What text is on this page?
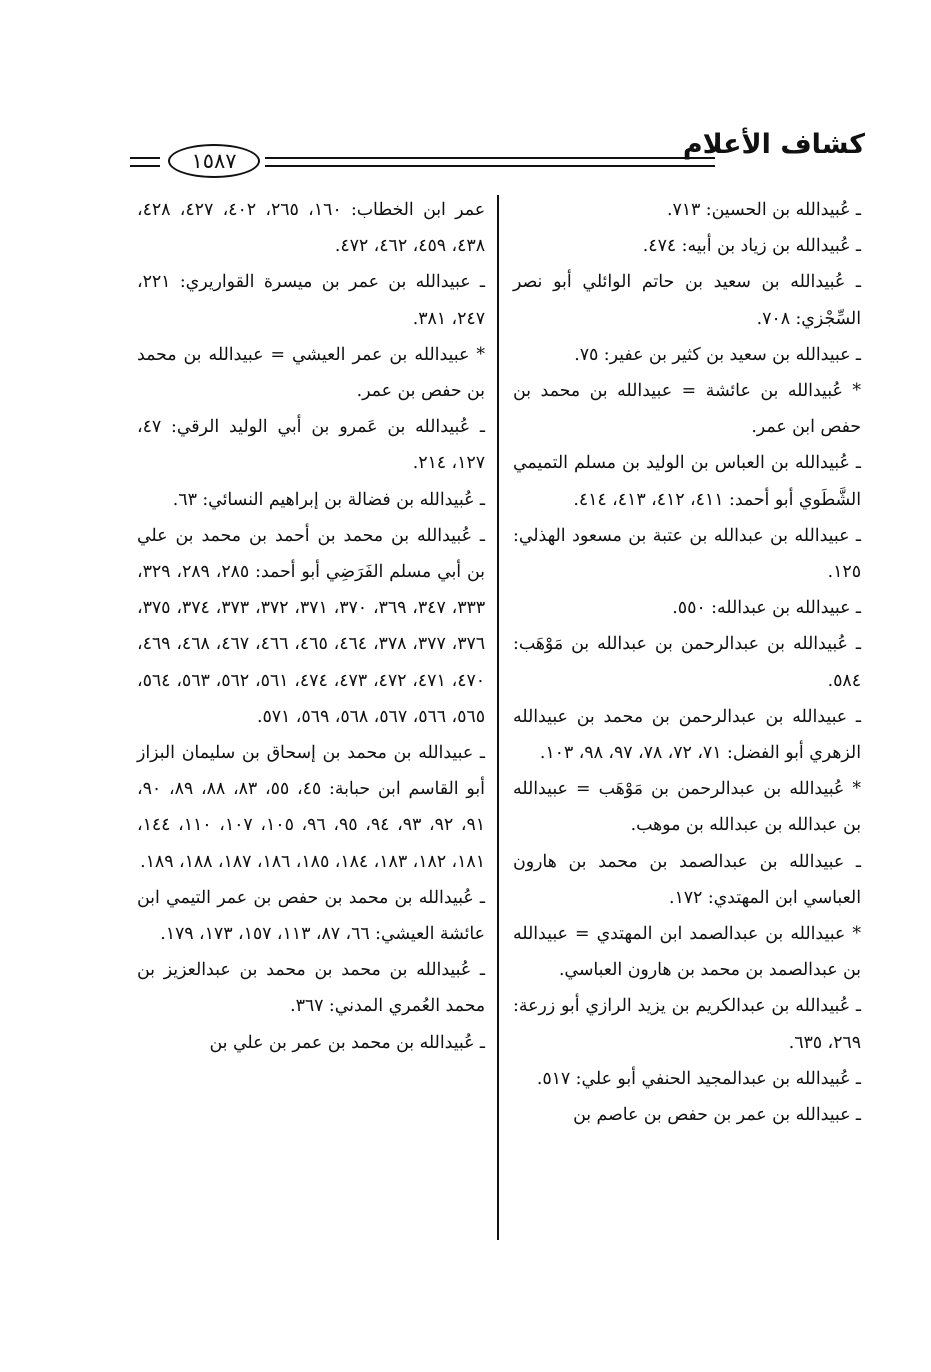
كشاف الأعلام
١٥٨٧

ـ عُبيدالله بن الحسين: ٧١٣.

ـ عُبيدالله بن زياد بن أبيه: ٤٧٤.

ـ عُبيدالله بن سعيد بن حاتم الوائلي أبو نصر السِّجْزي: ٧٠٨.

ـ عبيدالله بن سعيد بن كثير بن عفير: ٧٥.

* عُبيدالله بن عائشة = عبيدالله بن محمد بن حفص ابن عمر.

ـ عُبيدالله بن العباس بن الوليد بن مسلم التميمي الشَّطَوي أبو أحمد: ٤١١، ٤١٢، ٤١٣، ٤١٤.

ـ عبيدالله بن عبدالله بن عتبة بن مسعود الهذلي: ١٢٥.

ـ عبيدالله بن عبدالله: ٥٥٠.

ـ عُبيدالله بن عبدالرحمن بن عبدالله بن مَوْهَب: ٥٨٤.

ـ عبيدالله بن عبدالرحمن بن محمد بن عبيدالله الزهري أبو الفضل: ٧١، ٧٢، ٧٨، ٩٧، ٩٨، ١٠٣.

* عُبيدالله بن عبدالرحمن بن مَوْهَب = عبيدالله بن عبدالله بن عبدالله بن موهب.

ـ عبيدالله بن عبدالصمد بن محمد بن هارون العباسي ابن المهتدي: ١٧٢.

* عبيدالله بن عبدالصمد ابن المهتدي = عبيدالله بن عبدالصمد بن محمد بن هارون العباسي.

ـ عُبيدالله بن عبدالكريم بن يزيد الرازي أبو زرعة: ٢٦٩، ٦٣٥.

ـ عُبيدالله بن عبدالمجيد الحنفي أبو علي: ٥١٧.

ـ عبيدالله بن عمر بن حفص بن عاصم بن

عمر ابن الخطاب: ١٦٠، ٢٦٥، ٤٠٢، ٤٢٧، ٤٢٨، ٤٣٨، ٤٥٩، ٤٦٢، ٤٧٢.

ـ عبيدالله بن عمر بن ميسرة القواريري: ٢٢١، ٢٤٧، ٣٨١.

* عبيدالله بن عمر العيشي = عبيدالله بن محمد بن حفص بن عمر.

ـ عُبيدالله بن عَمرو بن أبي الوليد الرقي: ٤٧، ١٢٧، ٢١٤.

ـ عُبيدالله بن فضالة بن إبراهيم النسائي: ٦٣.

ـ عُبيدالله بن محمد بن أحمد بن محمد بن علي بن أبي مسلم الفَرَضِي أبو أحمد: ٢٨٥، ٢٨٩، ٣٢٩، ٣٣٣، ٣٤٧، ٣٦٩، ٣٧٠، ٣٧١، ٣٧٢، ٣٧٣، ٣٧٤، ٣٧٥، ٣٧٦، ٣٧٧، ٣٧٨، ٤٦٤، ٤٦٥، ٤٦٦، ٤٦٧، ٤٦٨، ٤٦٩، ٤٧٠، ٤٧١، ٤٧٢، ٤٧٣، ٤٧٤، ٥٦١، ٥٦٢، ٥٦٣، ٥٦٤، ٥٦٥، ٥٦٦، ٥٦٧، ٥٦٨، ٥٦٩، ٥٧١.

ـ عبيدالله بن محمد بن إسحاق بن سليمان البزاز أبو القاسم ابن حبابة: ٤٥، ٥٥، ٨٣، ٨٨، ٨٩، ٩٠، ٩١، ٩٢، ٩٣، ٩٤، ٩٥، ٩٦، ١٠٥، ١٠٧، ١١٠، ١٤٤، ١٨١، ١٨٢، ١٨٣، ١٨٤، ١٨٥، ١٨٦، ١٨٧، ١٨٨، ١٨٩.

ـ عُبيدالله بن محمد بن حفص بن عمر التيمي ابن عائشة العيشي: ٦٦، ٨٧، ١١٣، ١٥٧، ١٧٣، ١٧٩.

ـ عُبيدالله بن محمد بن محمد بن عبدالعزيز بن محمد العُمري المدني: ٣٦٧.

ـ عُبيدالله بن محمد بن عمر بن علي بن
